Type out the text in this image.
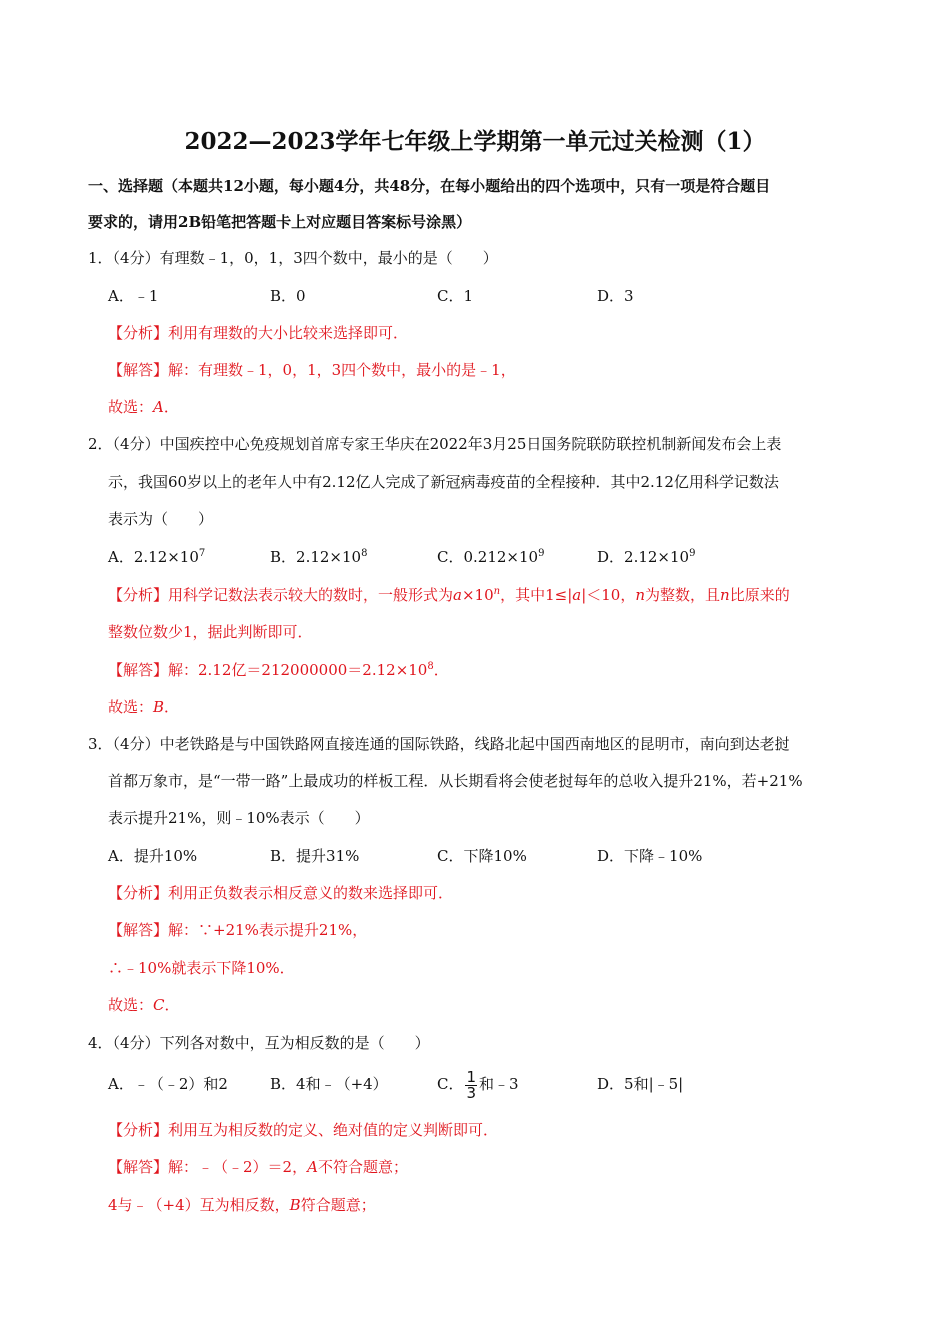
2022—2023学年七年级上学期第一单元过关检测（1）
一、选择题（本题共12小题，每小题4分，共48分，在每小题给出的四个选项中，只有一项是符合题目
要求的，请用2B铅笔把答题卡上对应题目答案标号涂黑）
1．（4分）有理数﹣1，0，1，3四个数中，最小的是（　　）
A．﹣1	B．0	C．1	D．3
【分析】利用有理数的大小比较来选择即可．
【解答】解：有理数﹣1，0，1，3四个数中，最小的是﹣1，
故选：A．
2．（4分）中国疾控中心免疫规划首席专家王华庆在2022年3月25日国务院联防联控机制新闻发布会上表
示，我国60岁以上的老年人中有2.12亿人完成了新冠病毒疫苗的全程接种．其中2.12亿用科学记数法
表示为（　　）
A．$2.12\times 10^7$	B．$2.12\times 10^8$	C．$0.212\times 10^9$	D．$2.12\times 10^9$
【分析】用科学记数法表示较大的数时，一般形式为$a\times 10^n$，其中1≤|a|＜10，n为整数，且n比原来的
整数位数少1，据此判断即可．
【解答】解：2.12亿$=212000000=2.12\times 10^8$．
故选：B．
3．（4分）中老铁路是与中国铁路网直接连通的国际铁路，线路北起中国西南地区的昆明市，南向到达老挝
首都万象市，是“一带一路”上最成功的样板工程．从长期看将会使老挝每年的总收入提升21%，若+21%
表示提升21%，则﹣10%表示（　　）
A．提升10%	B．提升31%	C．下降10%	D．下降﹣10%
【分析】利用正负数表示相反意义的数来选择即可．
【解答】解：∵+21%表示提升21%，
∴﹣10%就表示下降10%．
故选：C．
4．（4分）下列各对数中，互为相反数的是（　　）
A．﹣（﹣2）和2	B．4和﹣（+4）	C． $\frac{1}{3}$ 和﹣3	D．5和|﹣5|
【分析】利用互为相反数的定义、绝对值的定义判断即可．
【解答】解：﹣（﹣2）＝2，A不符合题意；
4与﹣（+4）互为相反数，B符合题意；
